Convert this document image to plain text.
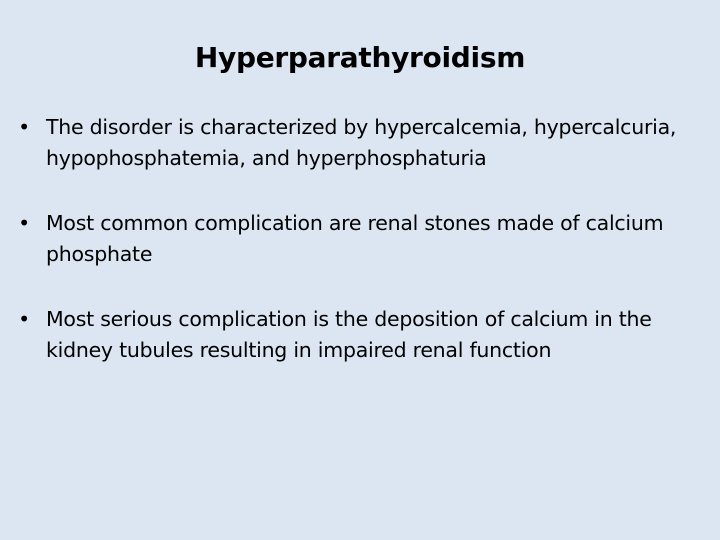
Hyperparathyroidism
• The disorder is characterized by hypercalcemia, hypercalcuria, hypophosphatemia, and hyperphosphaturia
• Most common complication are renal stones made of calcium phosphate
• Most serious complication is the deposition of calcium in the kidney tubules resulting in impaired renal function
